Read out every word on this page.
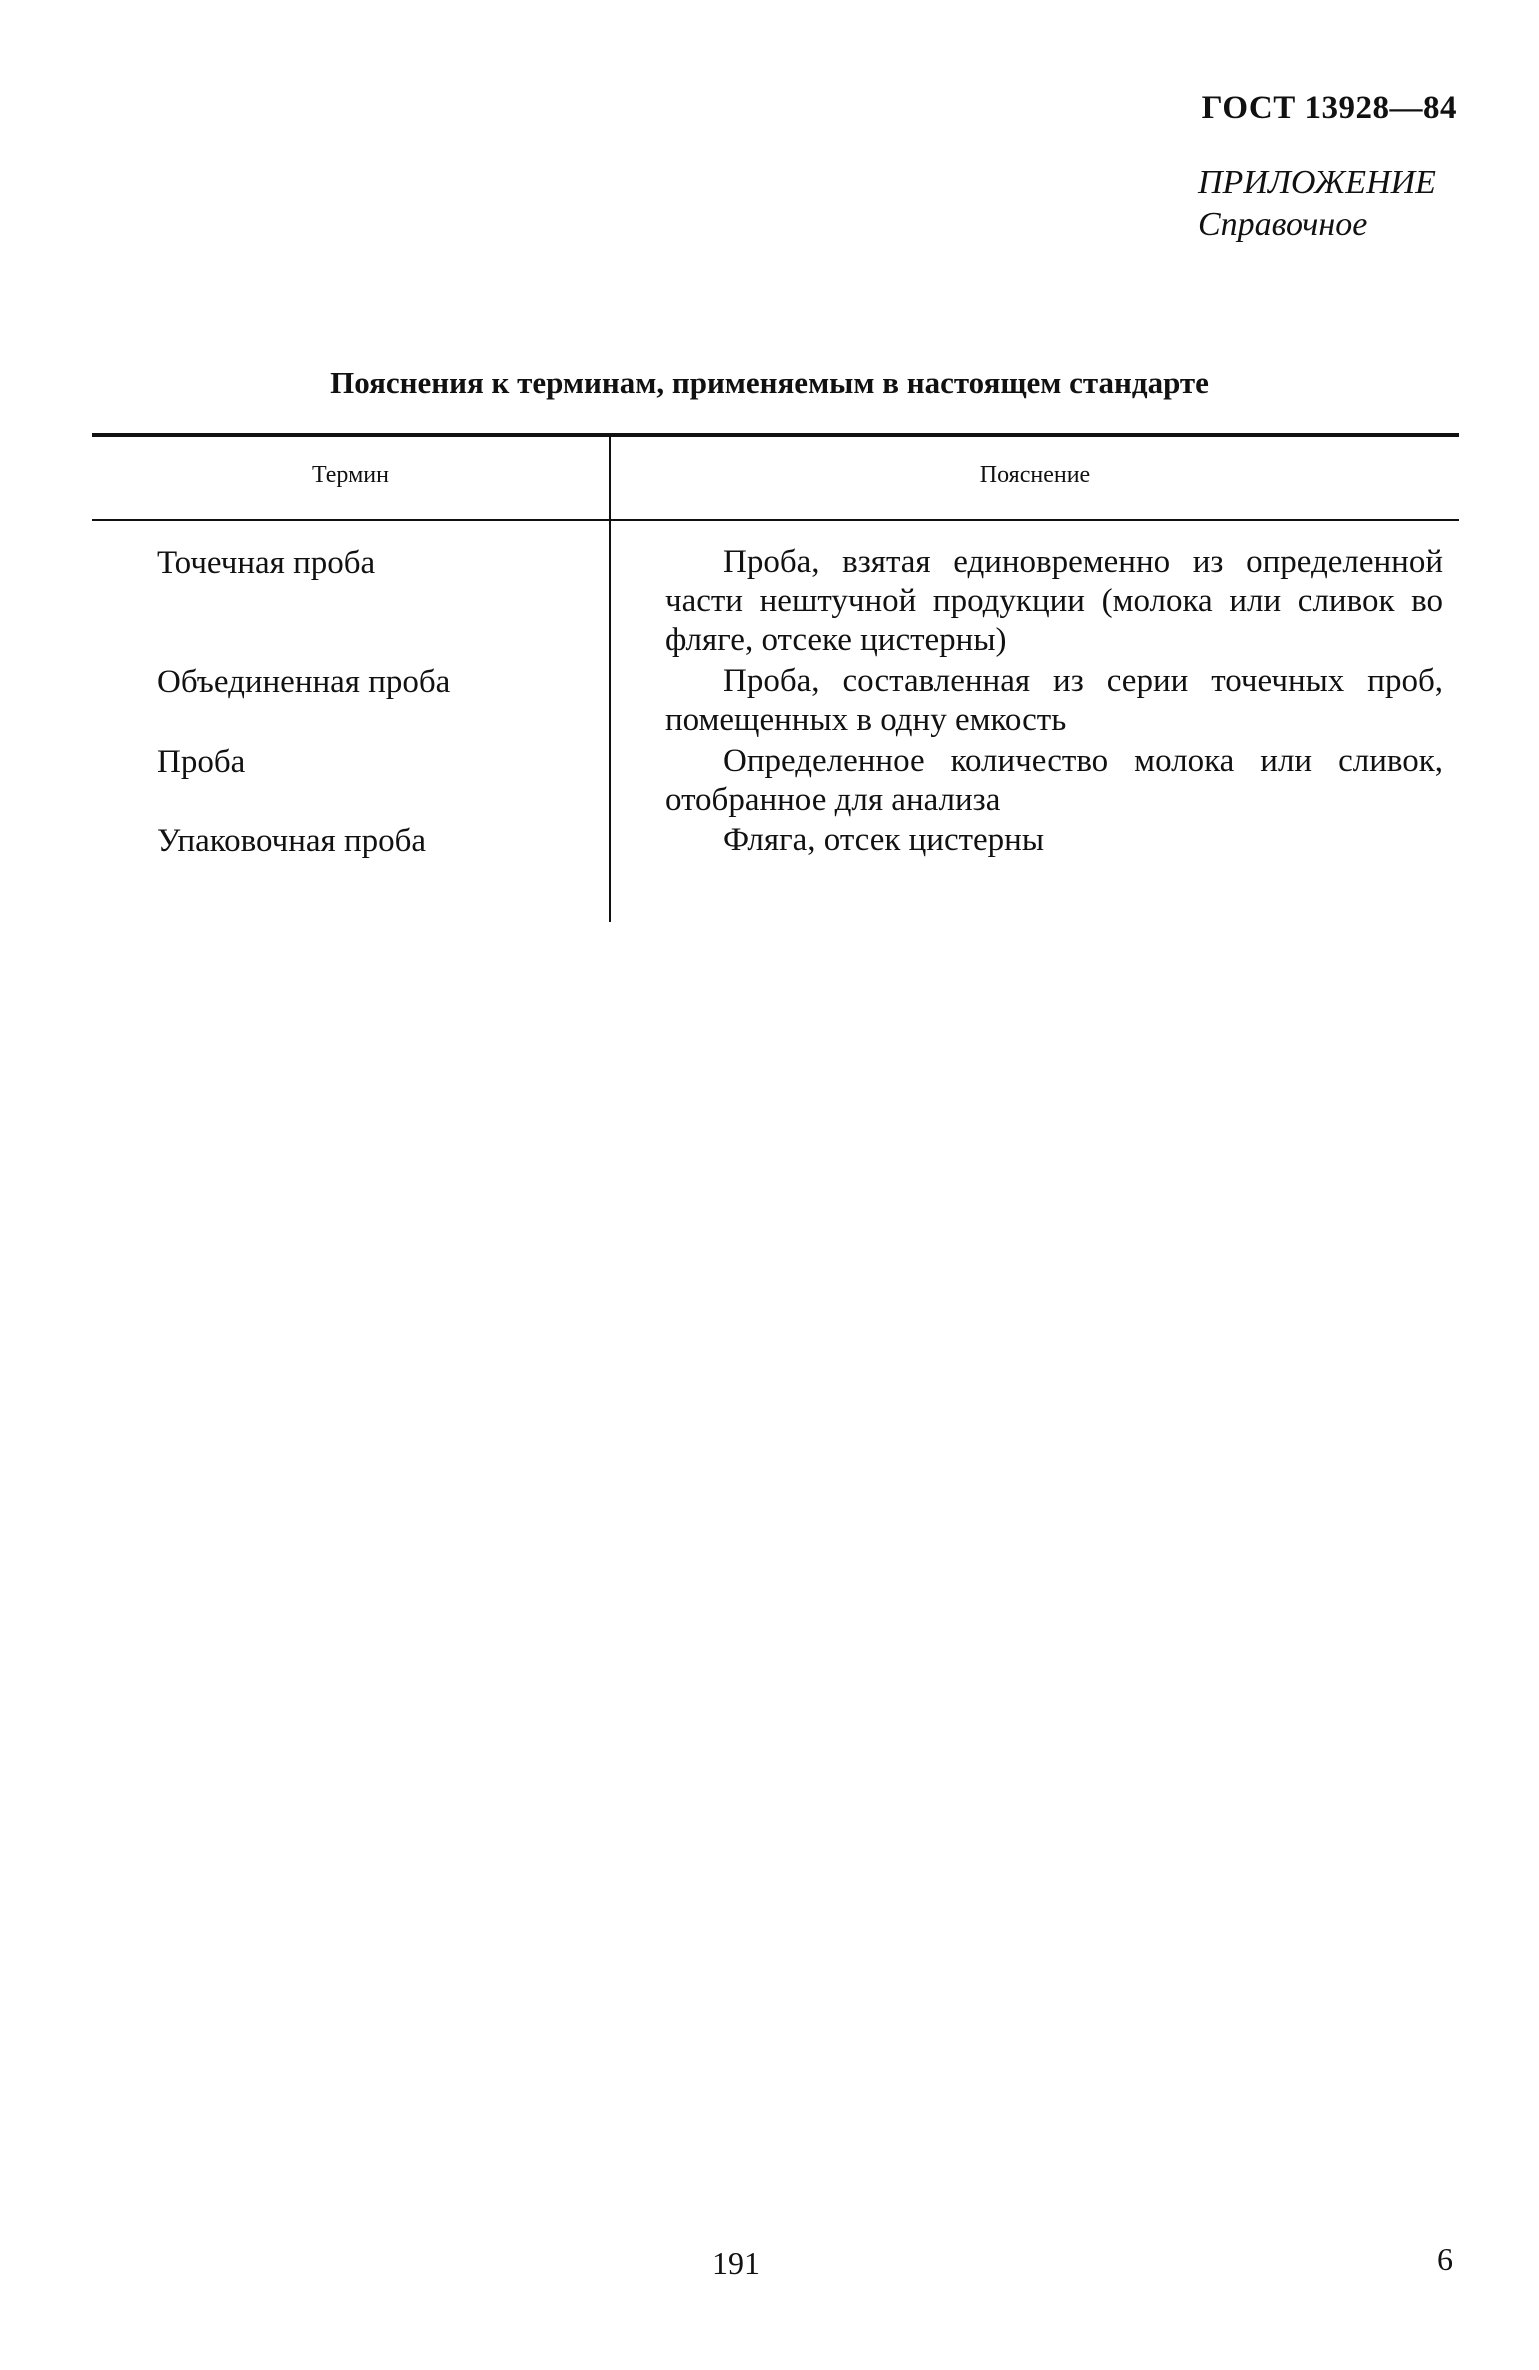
ГОСТ 13928—84
ПРИЛОЖЕНИЕ
Справочное
Пояснения к терминам, применяемым в настоящем стандарте
Термин	Пояснение
Точечная проба	Проба, взятая единовременно из определенной части нештучной продукции (молока или сливок во фляге, отсеке цистерны)
Объединенная проба	Проба, составленная из серии точечных проб, помещенных в одну емкость
Проба	Определенное количество молока или сливок, отобранное для анализа
Упаковочная проба	Фляга, отсек цистерны
191	6
